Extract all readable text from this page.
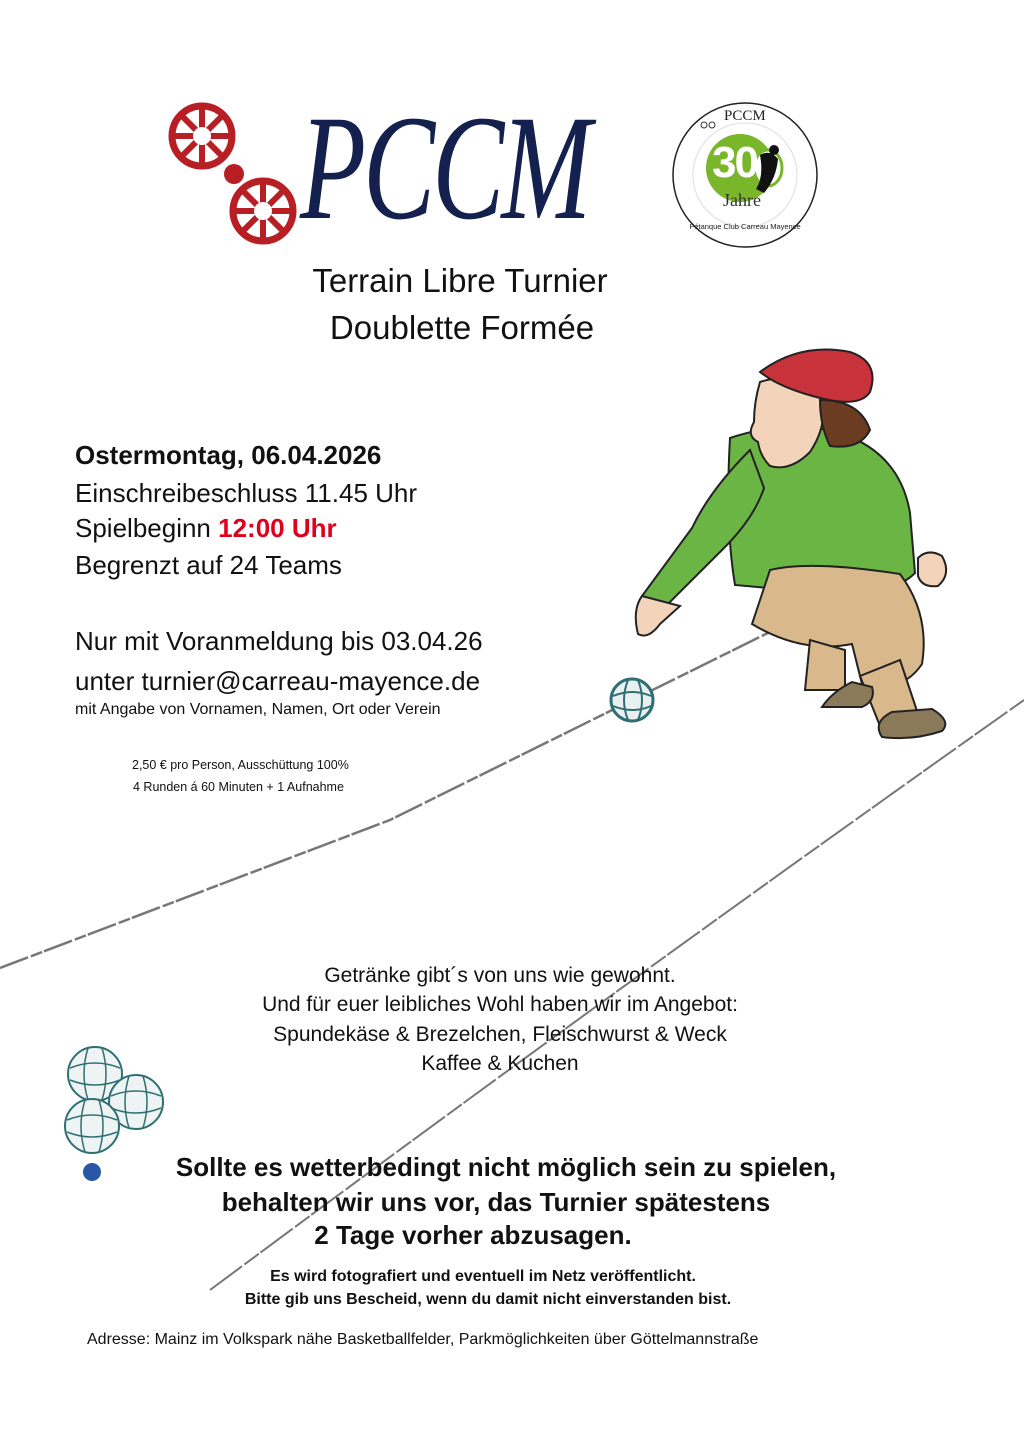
PCCM	PCCM
30
Jahre
Pétanque Club Carreau Mayence
Terrain Libre Turnier
Doublette Formée
Ostermontag, 06.04.2026
Einschreibeschluss 11.45 Uhr
Spielbeginn 12:00 Uhr
Begrenzt auf 24 Teams
Nur mit Voranmeldung bis 03.04.26
unter turnier@carreau-mayence.de
mit Angabe von Vornamen, Namen, Ort oder Verein
2,50 € pro Person, Ausschüttung 100%
4 Runden á 60 Minuten + 1 Aufnahme
Getränke gibt´s von uns wie gewohnt.
Und für euer leibliches Wohl haben wir im Angebot:
Spundekäse & Brezelchen, Fleischwurst & Weck
Kaffee & Kuchen
Sollte es wetterbedingt nicht möglich sein zu spielen,
behalten wir uns vor, das Turnier spätestens
2 Tage vorher abzusagen.
Es wird fotografiert und eventuell im Netz veröffentlicht.
Bitte gib uns Bescheid, wenn du damit nicht einverstanden bist.
Adresse: Mainz im Volkspark nähe Basketballfelder, Parkmöglichkeiten über Göttelmannstraße
